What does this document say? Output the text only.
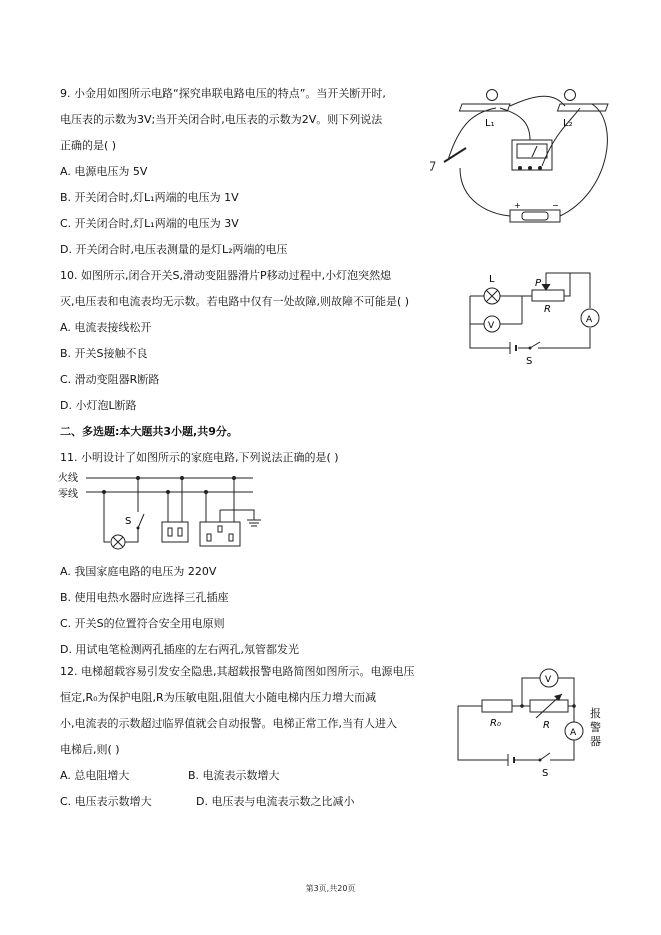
9. 小金用如图所示电路“探究串联电路电压的特点”。当开关断开时,
电压表的示数为3V;当开关闭合时,电压表的示数为2V。则下列说法
正确的是( )
A. 电源电压为 5V
B. 开关闭合时,灯L₁两端的电压为 1V
C. 开关闭合时,灯L₁两端的电压为 3V
D. 开关闭合时,电压表测量的是灯L₂两端的电压
L₁	L₂
+	−
10. 如图所示,闭合开关S,滑动变阻器滑片P移动过程中,小灯泡突然熄
灭,电压表和电流表均无示数。若电路中仅有一处故障,则故障不可能是( )
A. 电流表接线松开
B. 开关S接触不良
C. 滑动变阻器R断路
D. 小灯泡L断路
L
V
P
R
A
S
二、多选题:本大题共3小题,共9分。
11. 小明设计了如图所示的家庭电路,下列说法正确的是( )
火线
零线
S
A. 我国家庭电路的电压为 220V
B. 使用电热水器时应选择三孔插座
C. 开关S的位置符合安全用电原则
D. 用试电笔检测两孔插座的左右两孔,氖管都发光
12. 电梯超载容易引发安全隐患,其超载报警电路简图如图所示。电源电压
恒定,R₀为保护电阻,R为压敏电阻,阻值大小随电梯内压力增大而减
小,电流表的示数超过临界值就会自动报警。电梯正常工作,当有人进入
电梯后,则( )
A. 总电阻增大	B. 电流表示数增大
C. 电压表示数增大	D. 电压表与电流表示数之比减小
R₀	R
V
A
S
报
警
器
第3页,共20页
